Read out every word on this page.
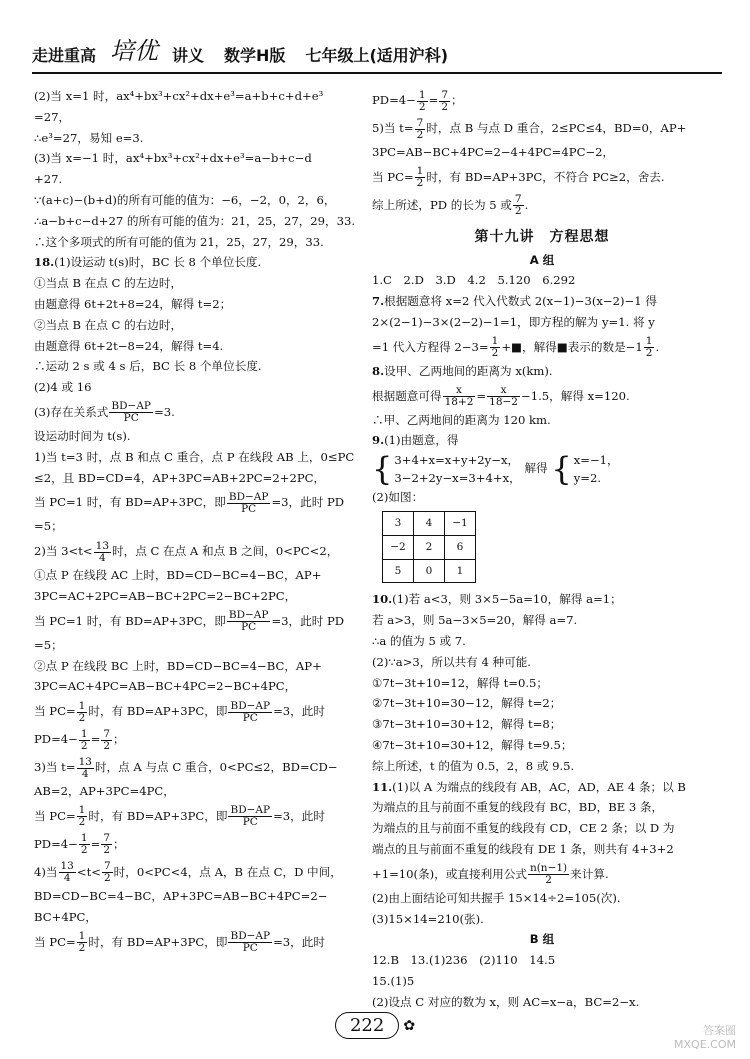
走进重高 培优 讲义 数学H版 七年级上(适用沪科)
(2)当 x=1 时，ax⁴+bx³+cx²+dx+e³=a+b+c+d+e³
=27，
∴e³=27，易知 e=3.
(3)当 x=−1 时，ax⁴+bx³+cx²+dx+e³=a−b+c−d
+27.
∵(a+c)−(b+d)的所有可能的值为：−6，−2，0，2，6，
∴a−b+c−d+27 的所有可能的值为：21，25，27，29，33.
∴这个多项式的所有可能的值为 21，25，27，29，33.
18.(1)设运动 t(s)时，BC 长 8 个单位长度.
①当点 B 在点 C 的左边时，
由题意得 6t+2t+8=24，解得 t=2；
②当点 B 在点 C 的右边时，
由题意得 6t+2t−8=24，解得 t=4.
∴运动 2 s 或 4 s 后，BC 长 8 个单位长度.
(2)4 或 16
(3)存在关系式 $\frac{BD-AP}{PC} =3$.
设运动时间为 t(s).
1)当 t=3 时，点 B 和点 C 重合，点 P 在线段 AB 上，0≤PC
≤2，且 BD=CD=4，AP+3PC=AB+2PC=2+2PC，
当 PC=1 时，有 BD=AP+3PC，即 $\frac{BD-AP}{PC} =3$，此时 PD
=5；
2)当 $3<t< \frac{13}{4}$ 时，点 C 在点 A 和点 B 之间，0<PC<2，
①点 P 在线段 AC 上时，BD=CD−BC=4−BC，AP+
3PC=AC+2PC=AB−BC+2PC=2−BC+2PC，
当 PC=1 时，有 BD=AP+3PC，即 $\frac{BD-AP}{PC} =3$，此时 PD
=5；
②点 P 在线段 BC 上时，BD=CD−BC=4−BC，AP+
3PC=AC+4PC=AB−BC+4PC=2−BC+4PC，
当 $PC= \frac{1}{2}$ 时，有 BD=AP+3PC，即 $\frac{BD-AP}{PC} =3$，此时
$PD=4- \frac{1}{2} = \frac{7}{2}$ ；
3)当 $t= \frac{13}{4}$ 时，点 A 与点 C 重合，0<PC≤2，BD=CD−
AB=2，AP+3PC=4PC，
当 $PC= \frac{1}{2}$ 时，有 BD=AP+3PC，即 $\frac{BD-AP}{PC} =3$，此时
$PD=4- \frac{1}{2} = \frac{7}{2}$ ；
4)当 $\frac{13}{4} <t< \frac{7}{2}$ 时，0<PC<4，点 A，B 在点 C，D 中间，
BD=CD−BC=4−BC，AP+3PC=AB−BC+4PC=2−
BC+4PC，
当 $PC= \frac{1}{2}$ 时，有 BD=AP+3PC，即 $\frac{BD-AP}{PC} =3$，此时
$PD=4- \frac{1}{2} = \frac{7}{2}$ ；
5)当 $t= \frac{7}{2}$ 时，点 B 与点 D 重合，2≤PC≤4，BD=0，AP+
3PC=AB−BC+4PC=2−4+4PC=4PC−2，
当 $PC= \frac{1}{2}$ 时，有 BD=AP+3PC，不符合 PC≥2，舍去.
综上所述，PD 的长为 5 或 $\frac{7}{2}$ .
第十九讲　方程思想
A 组
1.C　2.D　3.D　4.2　5.120　6.292
7.根据题意将 x=2 代入代数式 2(x−1)−3(x−2)−1 得
2×(2−1)−3×(2−2)−1=1，即方程的解为 y=1. 将 y
=1 代入方程得 $2-3= \frac{1}{2}$ +■，解得■表示的数是$-1 \frac{1}{2}$ .
8.设甲、乙两地间的距离为 x(km).
根据题意可得 $\frac{x}{18+2} = \frac{x}{18-2} -1.5$，解得 x=120.
∴甲、乙两地间的距离为 120 km.
9.(1)由题意，得
{ 3+4+x=x+y+2y−x，
3−2+2y−x=3+4+x，
解得 { x=−1，
y=2.
(2)如图：
3	4	−1
−2	2	6
5	0	1
10.(1)若 a<3，则 3×5−5a=10，解得 a=1；
若 a>3，则 5a−3×5=20，解得 a=7.
∴a 的值为 5 或 7.
(2)∵a>3，所以共有 4 种可能.
①7t−3t+10=12，解得 t=0.5；
②7t−3t+10=30−12，解得 t=2；
③7t−3t+10=30+12，解得 t=8；
④7t−3t+10=30+12，解得 t=9.5；
综上所述，t 的值为 0.5，2，8 或 9.5.
11.(1)以 A 为端点的线段有 AB，AC，AD，AE 4 条；以 B
为端点的且与前面不重复的线段有 BC，BD，BE 3 条，
为端点的且与前面不重复的线段有 CD，CE 2 条；以 D 为
端点的且与前面不重复的线段有 DE 1 条，则共有 4+3+2
+1=10(条)，或直接利用公式 $\frac{n(n-1)}{2}$ 来计算.
(2)由上面结论可知共握手 15×14÷2=105(次).
(3)15×14=210(张).
B 组
12.B　13.(1)236　(2)110　14.5
15.(1)5
(2)设点 C 对应的数为 x，则 AC=x−a，BC=2−x.
222	✿	答案圈
MXQE.COM
